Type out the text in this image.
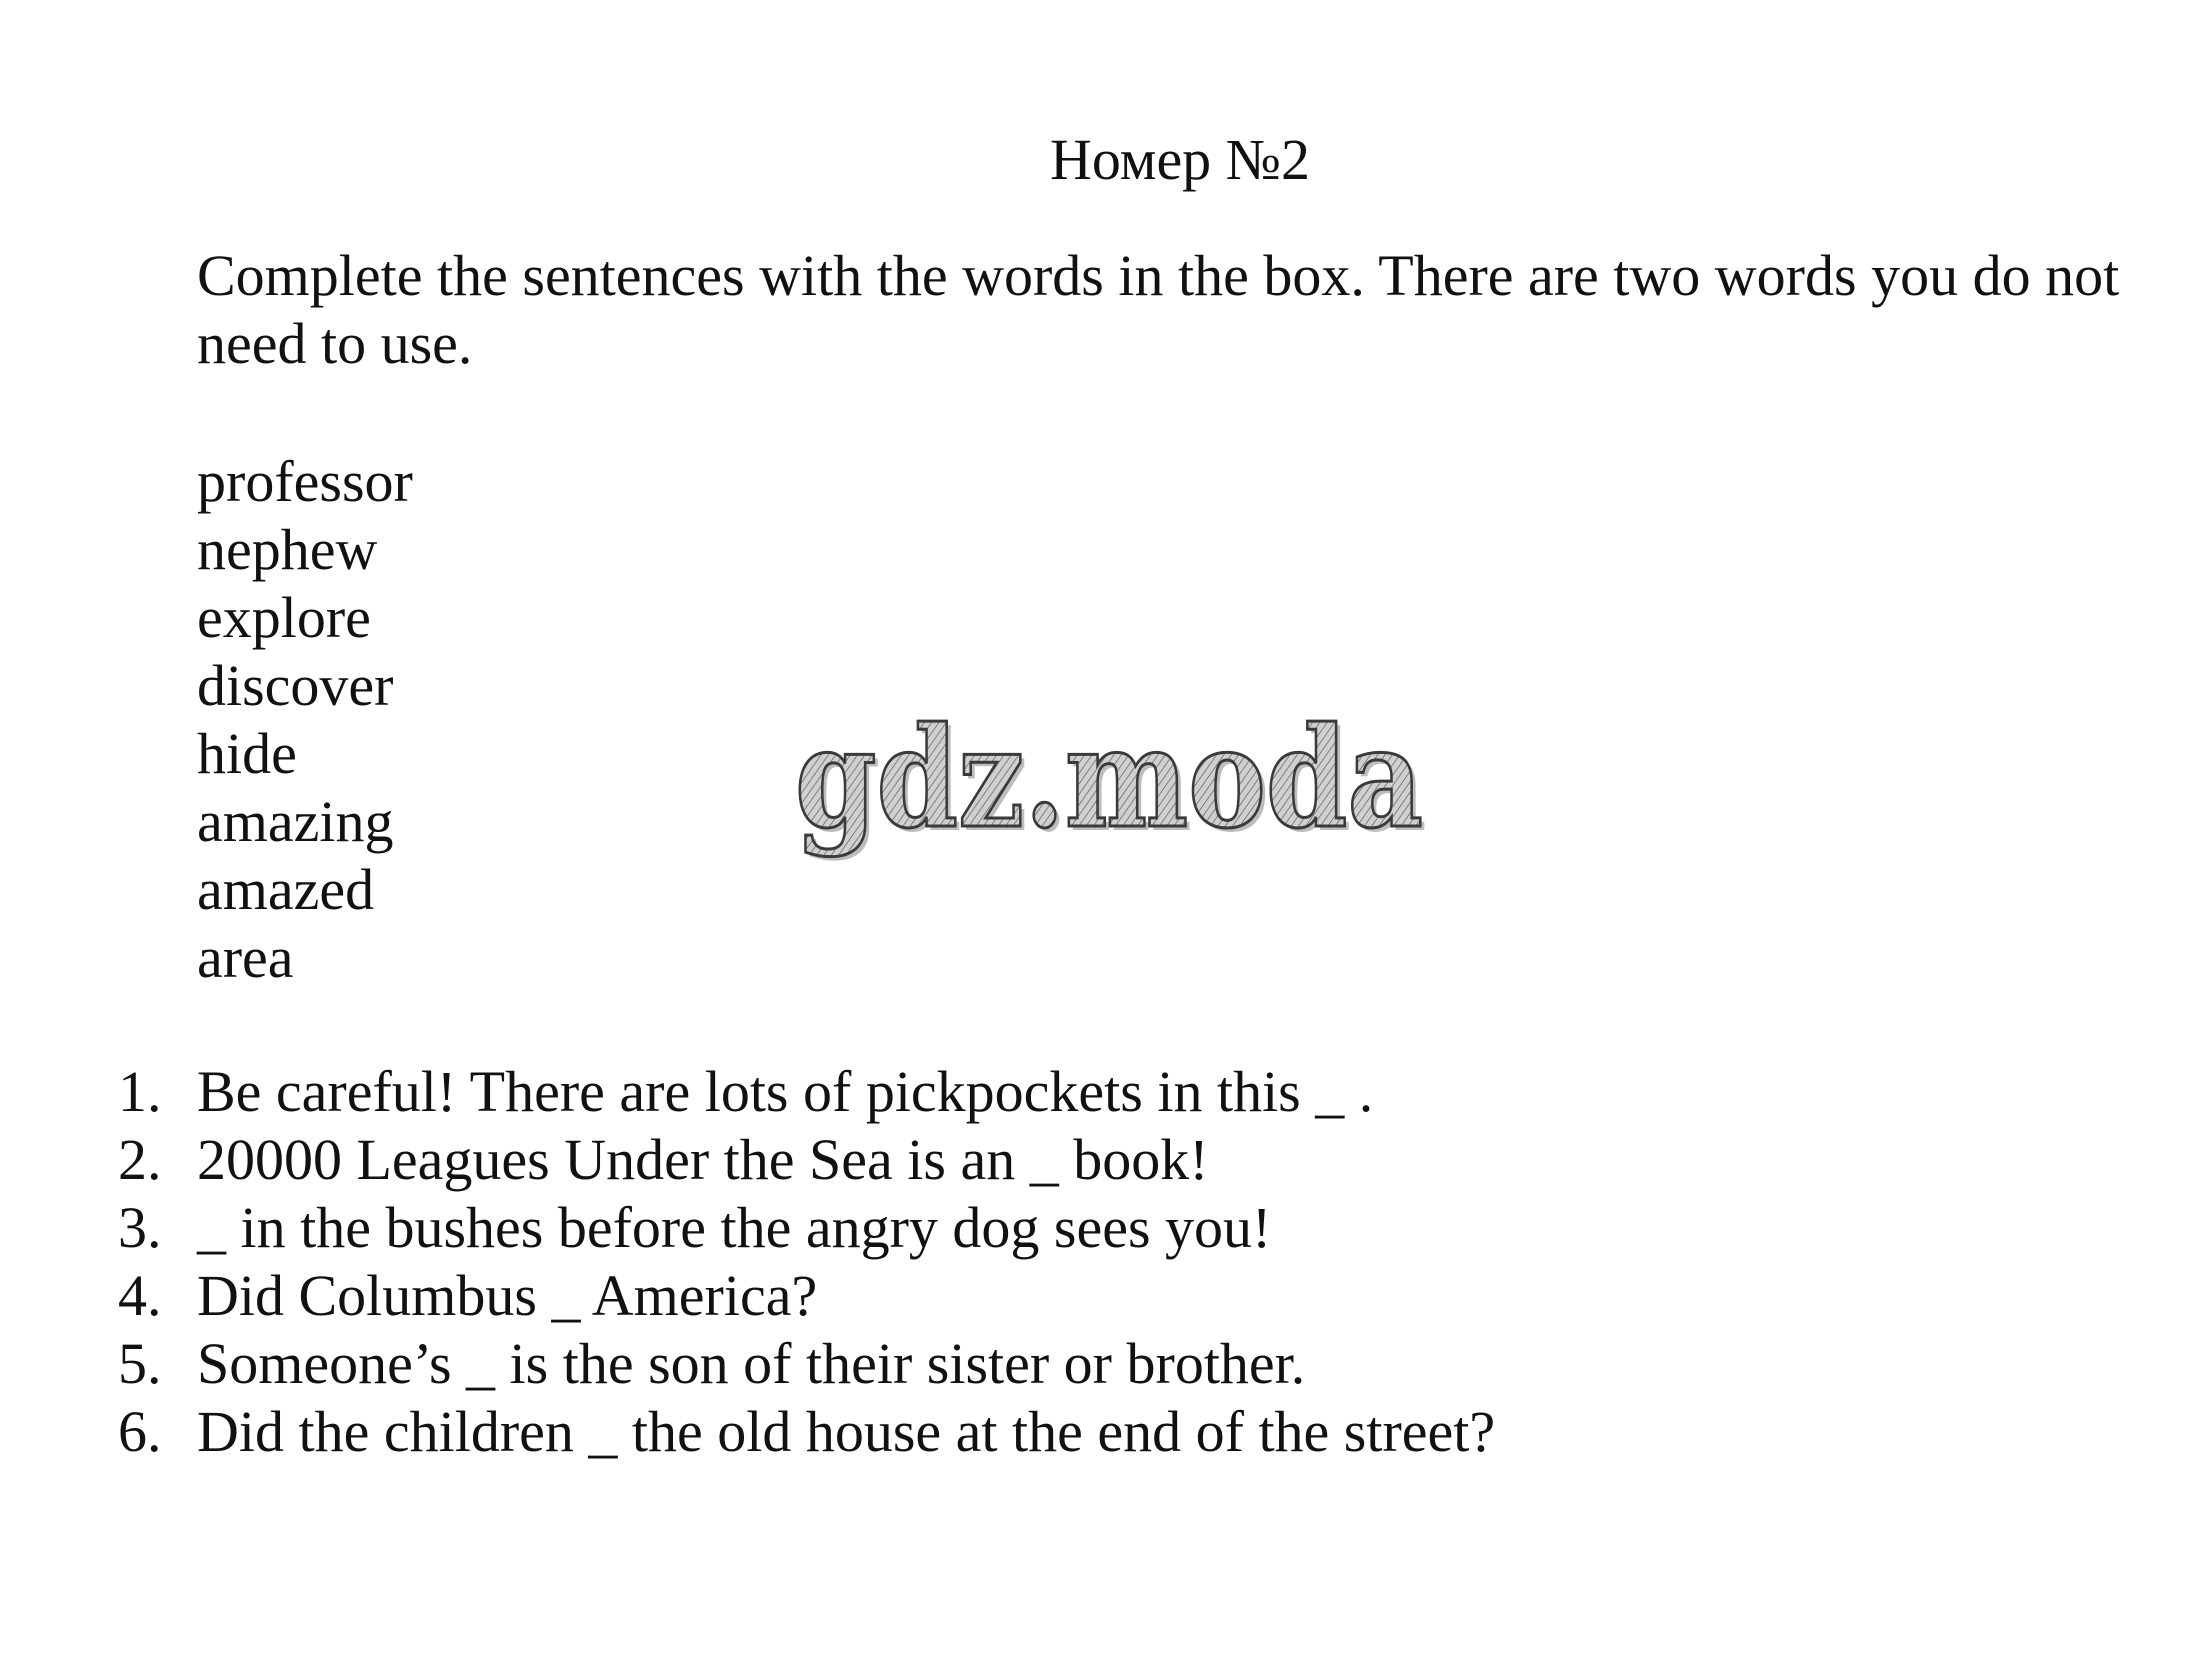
Номер №2

Complete the sentences with the words in the box. There are two words you do not need to use.

professor
nephew
explore
discover
hide
amazing
amazed
area
gdz.moda
gdz.moda
1. Be careful! There are lots of pickpockets in this _ .
2. 20000 Leagues Under the Sea is an _ book!
3. _ in the bushes before the angry dog sees you!
4. Did Columbus _ America?
5. Someone’s _ is the son of their sister or brother.
6. Did the children _ the old house at the end of the street?
